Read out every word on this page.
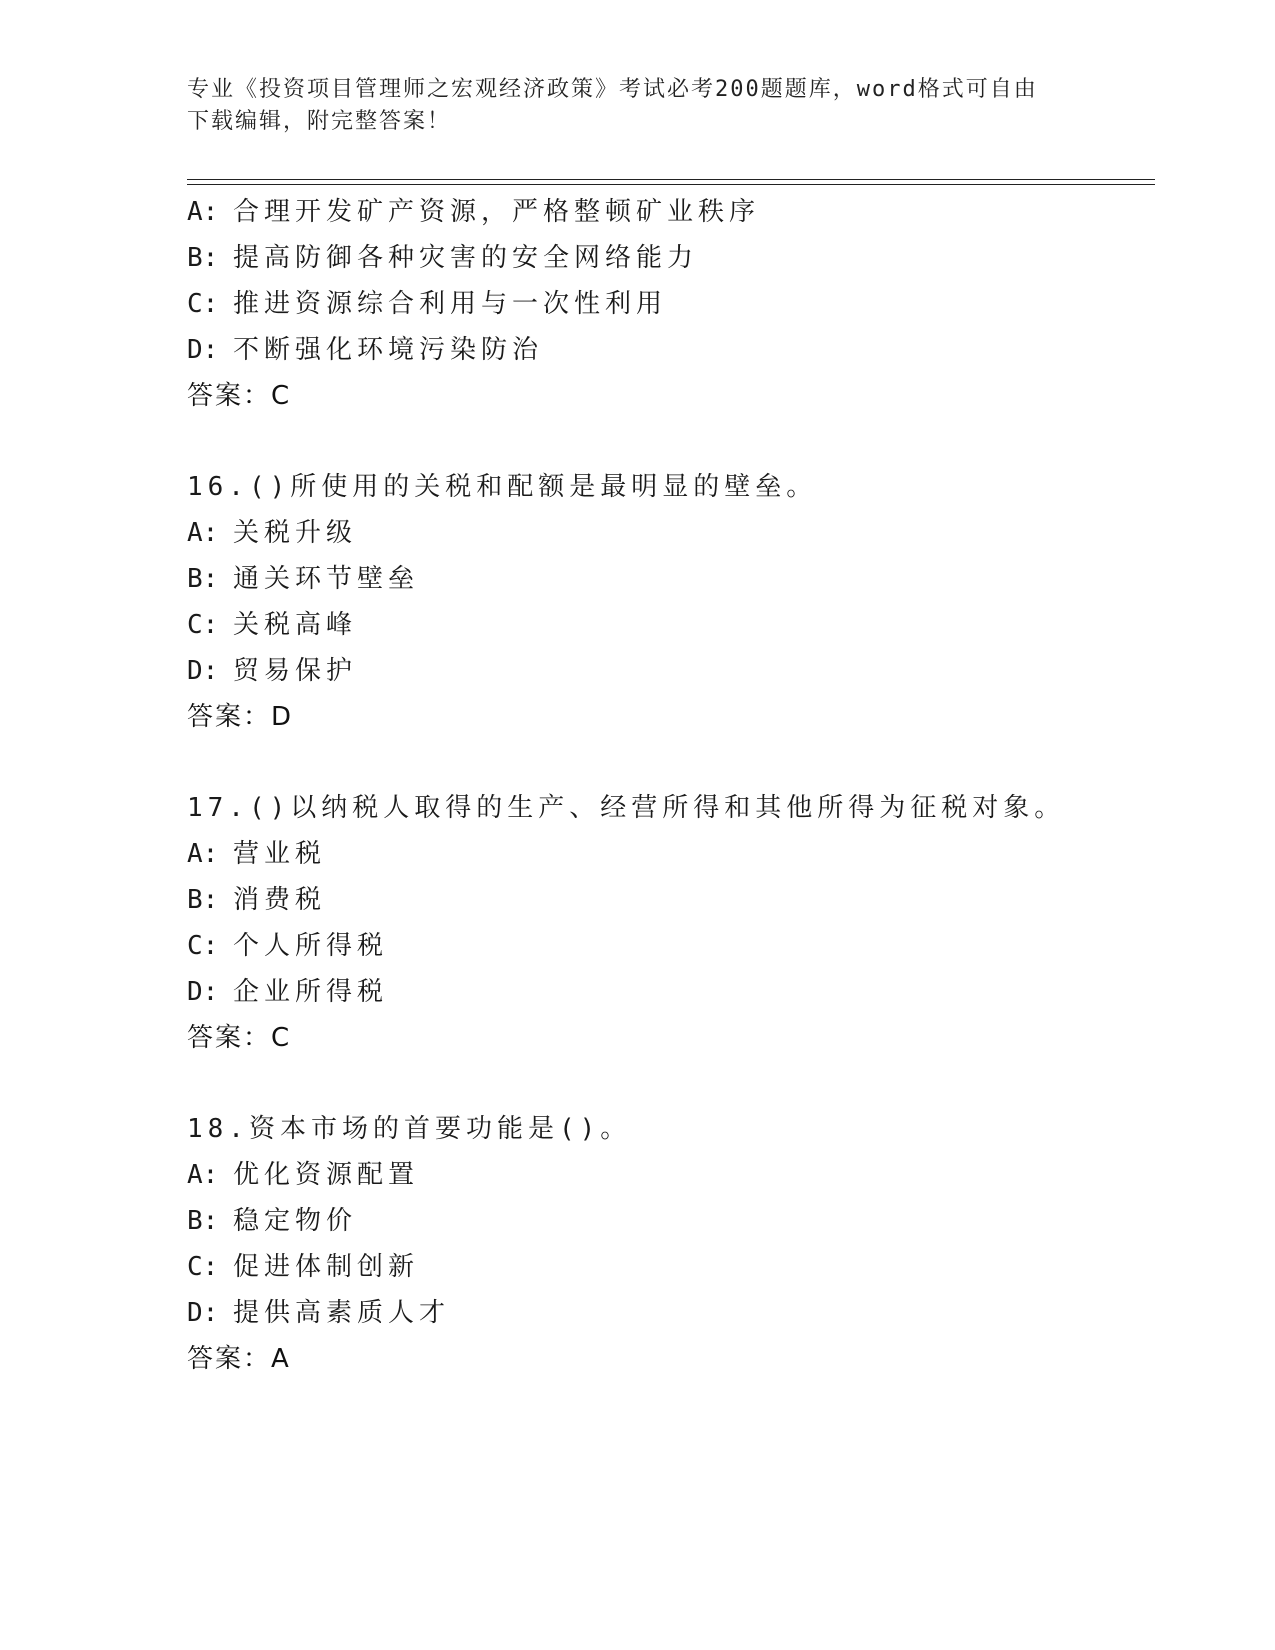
专业《投资项目管理师之宏观经济政策》考试必考200题题库，word格式可自由
下载编辑，附完整答案！
A: 合理开发矿产资源，严格整顿矿业秩序
B: 提高防御各种灾害的安全网络能力
C: 推进资源综合利用与一次性利用
D: 不断强化环境污染防治
答案：C
16.()所使用的关税和配额是最明显的壁垒。
A: 关税升级
B: 通关环节壁垒
C: 关税高峰
D: 贸易保护
答案：D
17.()以纳税人取得的生产、经营所得和其他所得为征税对象。
A: 营业税
B: 消费税
C: 个人所得税
D: 企业所得税
答案：C
18.资本市场的首要功能是()。
A: 优化资源配置
B: 稳定物价
C: 促进体制创新
D: 提供高素质人才
答案：A
